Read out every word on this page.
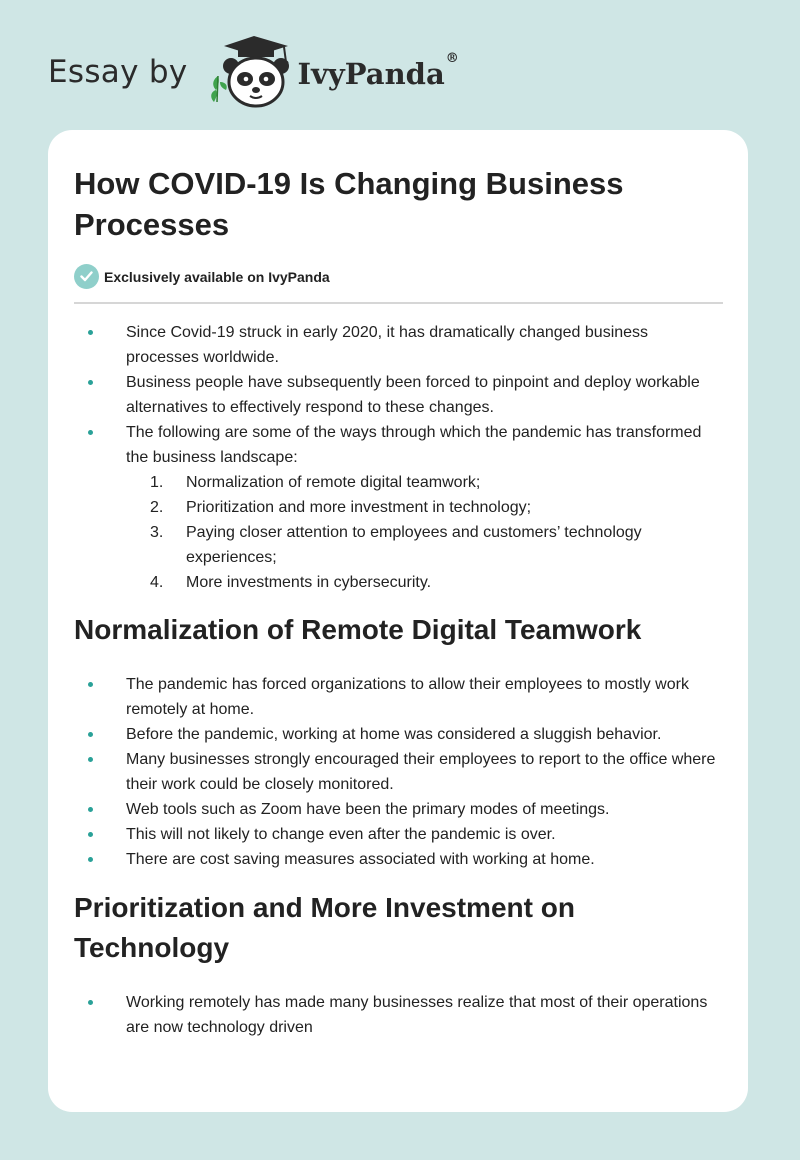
Essay by	IvyPanda®
How COVID-19 Is Changing Business Processes
Exclusively available on IvyPanda
Since Covid-19 struck in early 2020, it has dramatically changed business processes worldwide.
Business people have subsequently been forced to pinpoint and deploy workable alternatives to effectively respond to these changes.
The following are some of the ways through which the pandemic has transformed the business landscape:
1.	Normalization of remote digital teamwork;
2.	Prioritization and more investment in technology;
3.	Paying closer attention to employees and customers’ technology experiences;
4.	More investments in cybersecurity.
Normalization of Remote Digital Teamwork
The pandemic has forced organizations to allow their employees to mostly work remotely at home.
Before the pandemic, working at home was considered a sluggish behavior.
Many businesses strongly encouraged their employees to report to the office where their work could be closely monitored.
Web tools such as Zoom have been the primary modes of meetings.
This will not likely to change even after the pandemic is over.
There are cost saving measures associated with working at home.
Prioritization and More Investment on Technology
Working remotely has made many businesses realize that most of their operations are now technology driven
